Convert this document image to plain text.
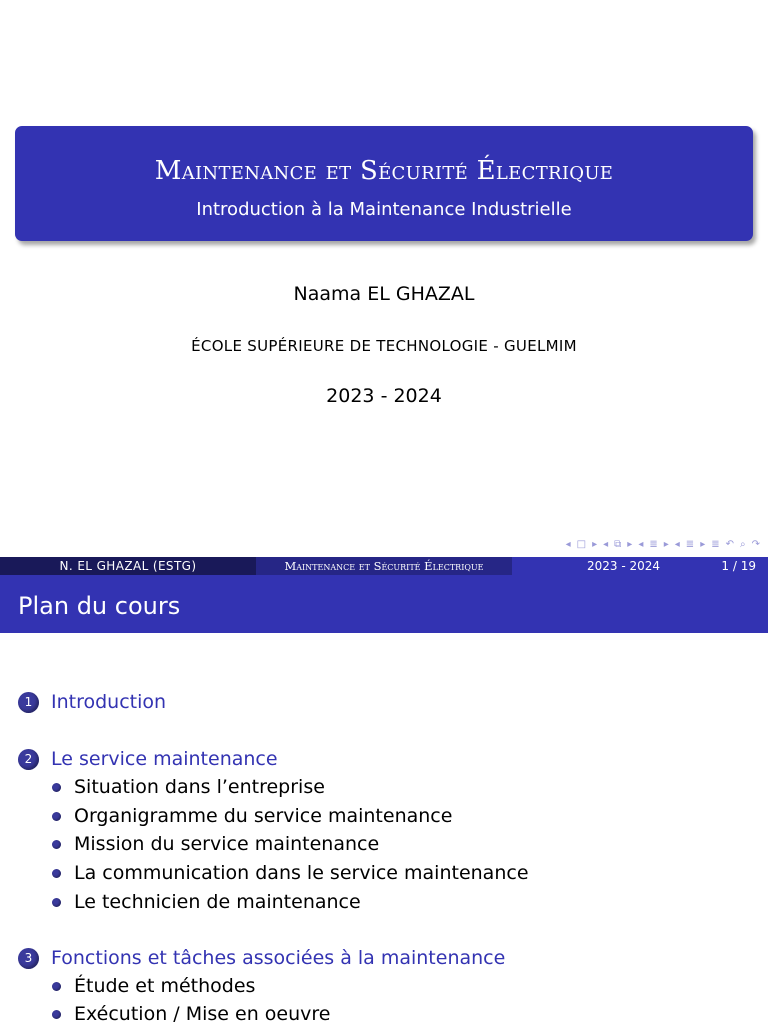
Maintenance et Sécurité Électrique
Introduction à la Maintenance Industrielle
Naama EL GHAZAL
ÉCOLE SUPÉRIEURE DE TECHNOLOGIE - GUELMIM
2023 - 2024
◂ □ ▸ ◂ ⧉ ▸ ◂ ≣ ▸ ◂ ≣ ▸ ≣ ↶ ⌕ ↷
N. EL GHAZAL (ESTG)	Maintenance et Sécurité Électrique	2023 - 2024	1 / 19
Plan du cours
1 Introduction
2 Le service maintenance
Situation dans l’entreprise
Organigramme du service maintenance
Mission du service maintenance
La communication dans le service maintenance
Le technicien de maintenance
3 Fonctions et tâches associées à la maintenance
Étude et méthodes
Exécution / Mise en oeuvre
